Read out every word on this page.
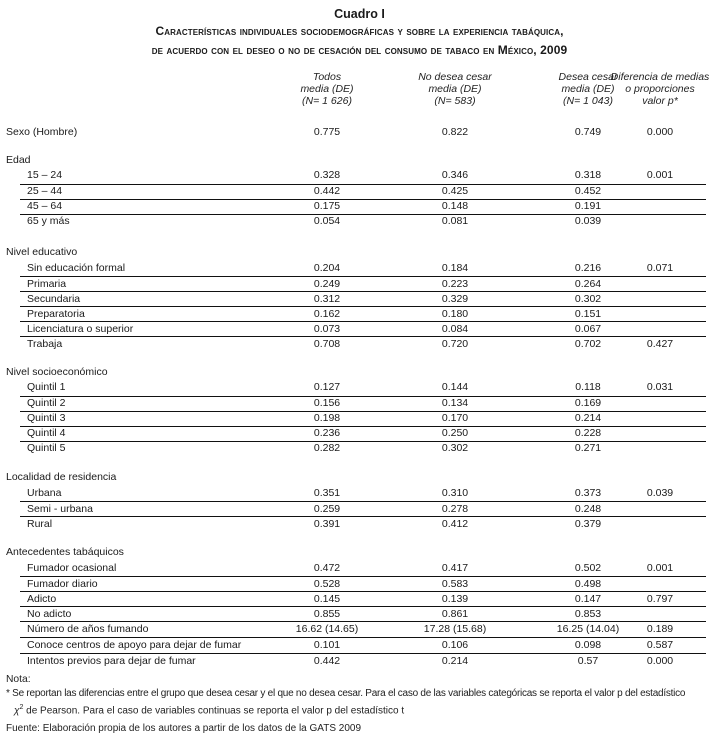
Cuadro I
Características individuales sociodemográficas y sobre la experiencia tabáquica,
de acuerdo con el deseo o no de cesación del consumo de tabaco en México, 2009
Todos
media (DE)
(N= 1 626)
No desea cesar
media (DE)
(N= 583)
Desea cesar
media (DE)
(N= 1 043)
Diferencia de medias
o proporciones
valor p*
Sexo (Hombre)	0.775	0.822	0.749	0.000
Edad
15 – 24	0.328	0.346	0.318	0.001
25 – 44	0.442	0.425	0.452
45 – 64	0.175	0.148	0.191
65 y más	0.054	0.081	0.039
Nivel educativo
Sin educación formal	0.204	0.184	0.216	0.071
Primaria	0.249	0.223	0.264
Secundaria	0.312	0.329	0.302
Preparatoria	0.162	0.180	0.151
Licenciatura o superior	0.073	0.084	0.067
Trabaja	0.708	0.720	0.702	0.427
Nivel socioeconómico
Quintil 1	0.127	0.144	0.118	0.031
Quintil 2	0.156	0.134	0.169
Quintil 3	0.198	0.170	0.214
Quintil 4	0.236	0.250	0.228
Quintil 5	0.282	0.302	0.271
Localidad de residencia
Urbana	0.351	0.310	0.373	0.039
Semi - urbana	0.259	0.278	0.248
Rural	0.391	0.412	0.379
Antecedentes tabáquicos
Fumador ocasional	0.472	0.417	0.502	0.001
Fumador diario	0.528	0.583	0.498
Adicto	0.145	0.139	0.147	0.797
No adicto	0.855	0.861	0.853
Número de años fumando	16.62 (14.65)	17.28 (15.68)	16.25 (14.04)	0.189
Conoce centros de apoyo para dejar de fumar	0.101	0.106	0.098	0.587
Intentos previos para dejar de fumar	0.442	0.214	0.57	0.000
Nota:
* Se reportan las diferencias entre el grupo que desea cesar y el que no desea cesar. Para el caso de las variables categóricas se reporta el valor p del estadístico
$\chi^2$ de Pearson. Para el caso de variables continuas se reporta el valor p del estadístico t
Fuente: Elaboración propia de los autores a partir de los datos de la GATS 2009
